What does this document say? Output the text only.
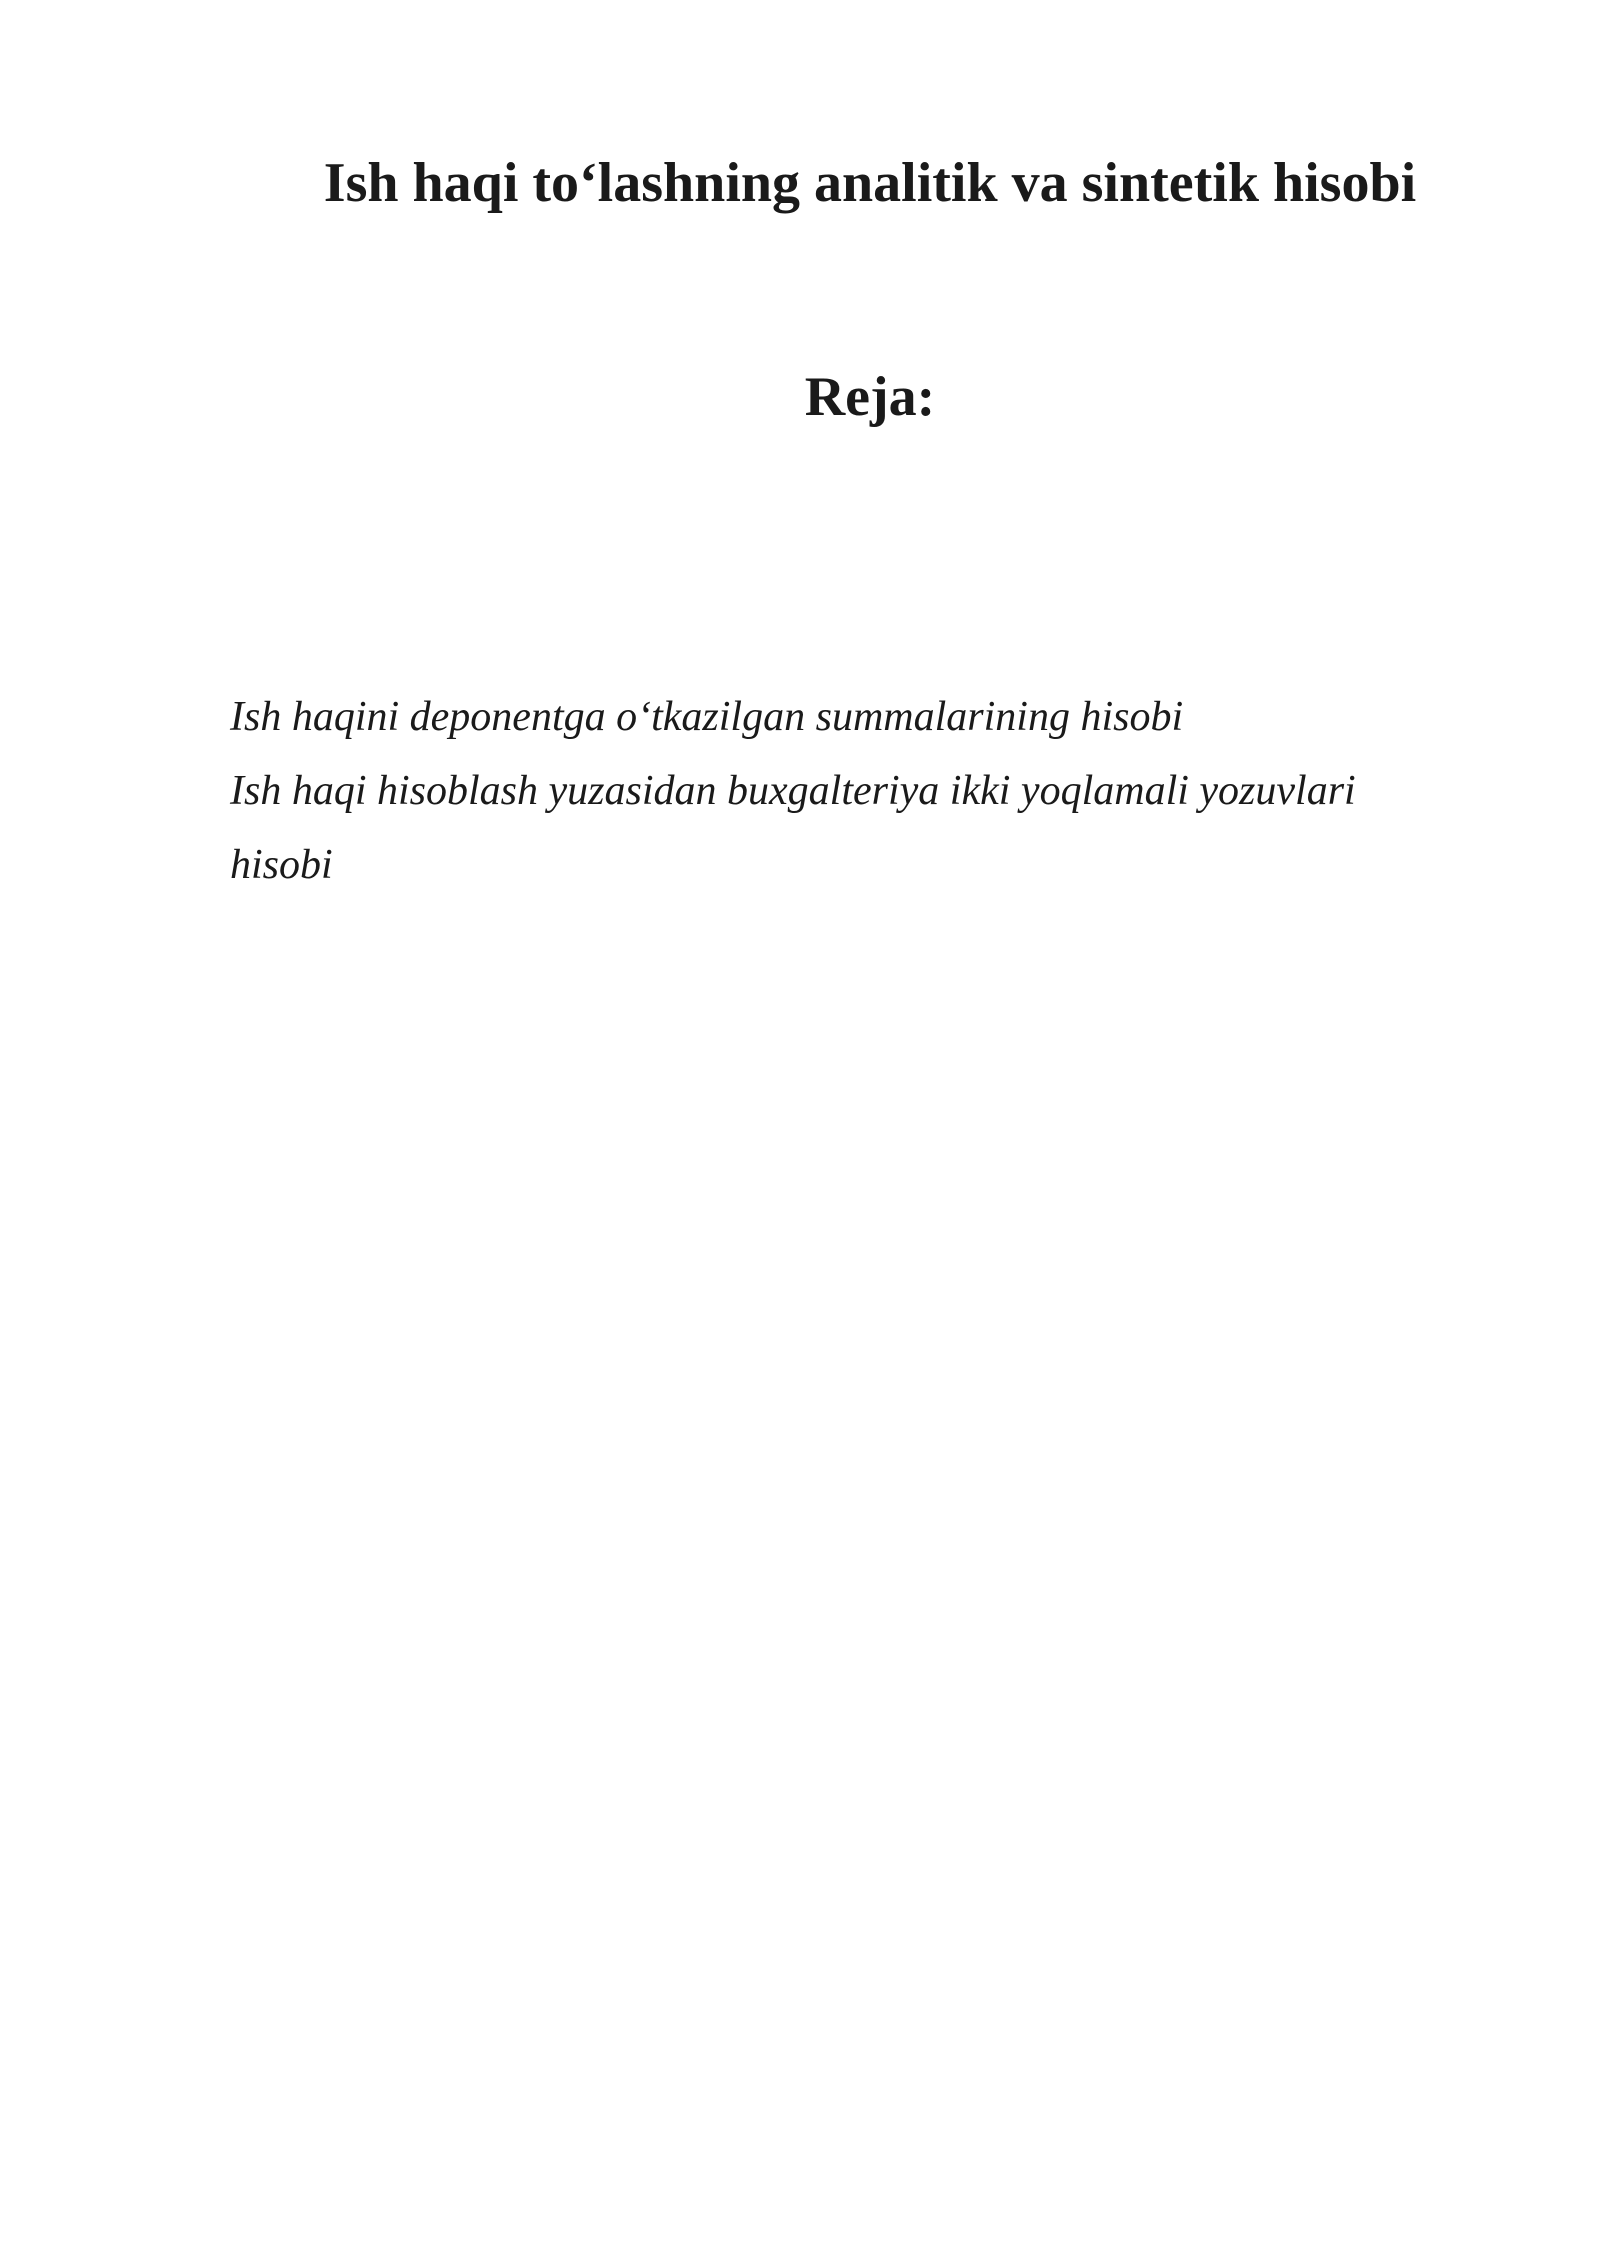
Ish haqi to‘lashning analitik va sintetik hisobi
Reja:
Ish haqini deponentga o‘tkazilgan summalarining hisobi
Ish haqi hisoblash yuzasidan buxgalteriya ikki yoqlamali yozuvlari hisobi
